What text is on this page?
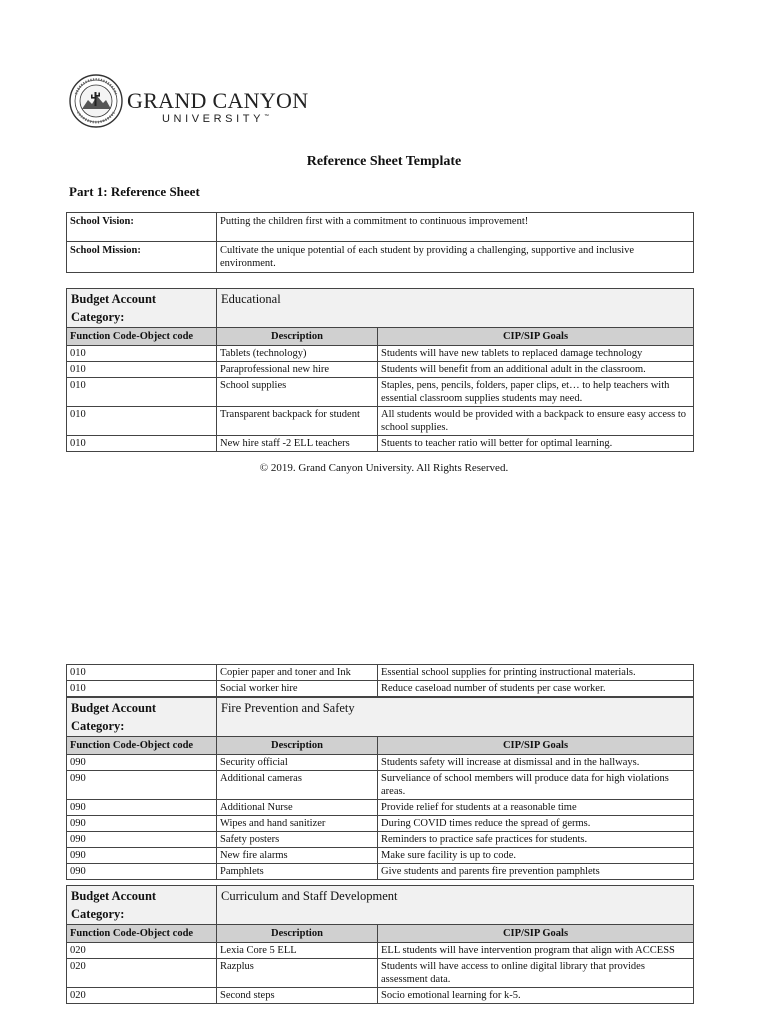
GRAND CANYON
UNIVERSITY™
Reference Sheet Template
Part 1: Reference Sheet
School Vision:	Putting the children first with a commitment to continuous improvement!
School Mission:	Cultivate the unique potential of each student by providing a challenging, supportive and inclusive environment.
Budget Account Category:	Educational	
Function Code-Object code	Description	CIP/SIP Goals
010	Tablets (technology)	Students will have new tablets to replaced damage technology
010	Paraprofessional new hire	Students will benefit from an additional adult in the classroom.
010	School supplies	Staples, pens, pencils, folders, paper clips, et… to help teachers with essential classroom supplies students may need.
010	Transparent backpack for student	All students would be provided with a backpack to ensure easy access to school supplies.
010	New hire staff -2 ELL teachers	Stuents to teacher ratio will better for optimal learning.
© 2019. Grand Canyon University. All Rights Reserved.
010	Copier paper and toner and Ink	Essential school supplies for printing instructional materials.
010	Social worker hire	Reduce caseload number of students per case worker.
Budget Account Category:	Fire Prevention and Safety	
Function Code-Object code	Description	CIP/SIP Goals
090	Security official	Students safety will increase at dismissal and in the hallways.
090	Additional cameras	Surveliance of school members will produce data for high violations areas.
090	Additional Nurse	Provide relief for students at a reasonable time
090	Wipes and hand sanitizer	During COVID times reduce the spread of germs.
090	Safety posters	Reminders to practice safe practices for students.
090	New fire alarms	Make sure facility is up to code.
090	Pamphlets	Give students and parents fire prevention pamphlets
Budget Account Category:	Curriculum and Staff Development	
Function Code-Object code	Description	CIP/SIP Goals
020	Lexia Core 5 ELL	ELL students will have intervention program that align with ACCESS
020	Razplus	Students will have access to online digital library that provides assessment data.
020	Second steps	Socio emotional learning for k-5.
